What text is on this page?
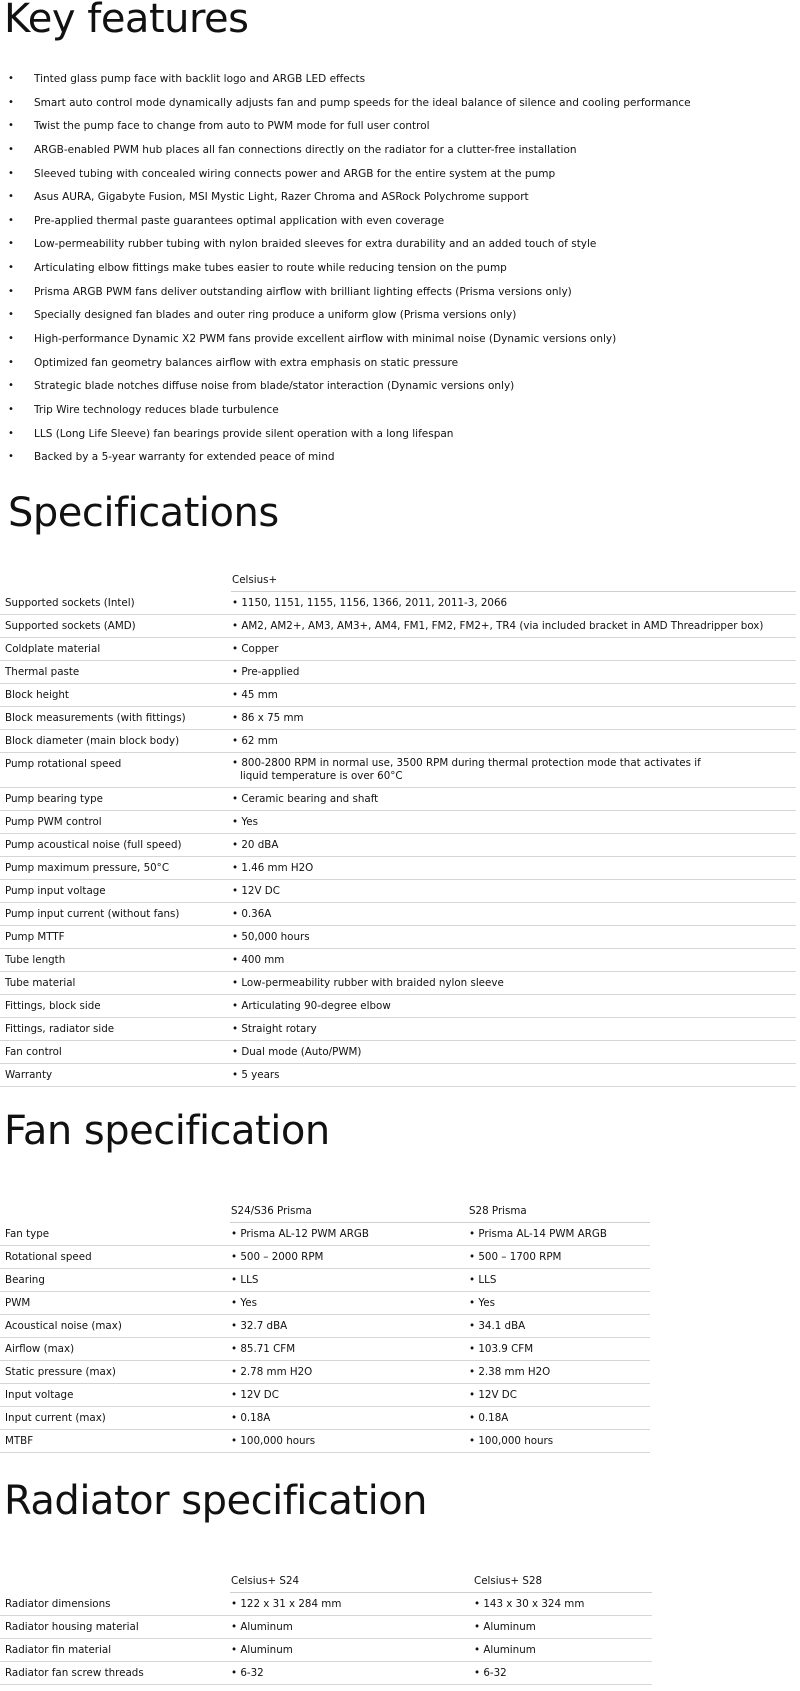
Key features
• Tinted glass pump face with backlit logo and ARGB LED effects
• Smart auto control mode dynamically adjusts fan and pump speeds for the ideal balance of silence and cooling performance
• Twist the pump face to change from auto to PWM mode for full user control
• ARGB-enabled PWM hub places all fan connections directly on the radiator for a clutter-free installation
• Sleeved tubing with concealed wiring connects power and ARGB for the entire system at the pump
• Asus AURA, Gigabyte Fusion, MSI Mystic Light, Razer Chroma and ASRock Polychrome support
• Pre-applied thermal paste guarantees optimal application with even coverage
• Low-permeability rubber tubing with nylon braided sleeves for extra durability and an added touch of style
• Articulating elbow fittings make tubes easier to route while reducing tension on the pump
• Prisma ARGB PWM fans deliver outstanding airflow with brilliant lighting effects (Prisma versions only)
• Specially designed fan blades and outer ring produce a uniform glow (Prisma versions only)
• High-performance Dynamic X2 PWM fans provide excellent airflow with minimal noise (Dynamic versions only)
• Optimized fan geometry balances airflow with extra emphasis on static pressure
• Strategic blade notches diffuse noise from blade/stator interaction (Dynamic versions only)
• Trip Wire technology reduces blade turbulence
• LLS (Long Life Sleeve) fan bearings provide silent operation with a long lifespan
• Backed by a 5-year warranty for extended peace of mind
Specifications
	Celsius+
Supported sockets (Intel)	• 1150, 1151, 1155, 1156, 1366, 2011, 2011-3, 2066
Supported sockets (AMD)	• AM2, AM2+, AM3, AM3+, AM4, FM1, FM2, FM2+, TR4 (via included bracket in AMD Threadripper box)
Coldplate material	• Copper
Thermal paste	• Pre-applied
Block height	• 45 mm
Block measurements (with fittings)	• 86 x 75 mm
Block diameter (main block body)	• 62 mm
Pump rotational speed	• 800-2800 RPM in normal use, 3500 RPM during thermal protection mode that activates if
liquid temperature is over 60°C

Pump bearing type	• Ceramic bearing and shaft
Pump PWM control	• Yes
Pump acoustical noise (full speed)	• 20 dBA
Pump maximum pressure, 50°C	• 1.46 mm H2O
Pump input voltage	• 12V DC
Pump input current (without fans)	• 0.36A
Pump MTTF	• 50,000 hours
Tube length	• 400 mm
Tube material	• Low-permeability rubber with braided nylon sleeve
Fittings, block side	• Articulating 90-degree elbow
Fittings, radiator side	• Straight rotary
Fan control	• Dual mode (Auto/PWM)
Warranty	• 5 years
Fan specification
	S24/S36 Prisma	S28 Prisma
Fan type	• Prisma AL-12 PWM ARGB	• Prisma AL-14 PWM ARGB
Rotational speed	• 500 – 2000 RPM	• 500 – 1700 RPM
Bearing	• LLS	• LLS
PWM	• Yes	• Yes
Acoustical noise (max)	• 32.7 dBA	• 34.1 dBA
Airflow (max)	• 85.71 CFM	• 103.9 CFM
Static pressure (max)	• 2.78 mm H2O	• 2.38 mm H2O
Input voltage	• 12V DC	• 12V DC
Input current (max)	• 0.18A	• 0.18A
MTBF	• 100,000 hours	• 100,000 hours
Radiator specification
	Celsius+ S24	Celsius+ S28
Radiator dimensions	• 122 x 31 x 284 mm	• 143 x 30 x 324 mm
Radiator housing material	• Aluminum	• Aluminum
Radiator fin material	• Aluminum	• Aluminum
Radiator fan screw threads	• 6-32	• 6-32
